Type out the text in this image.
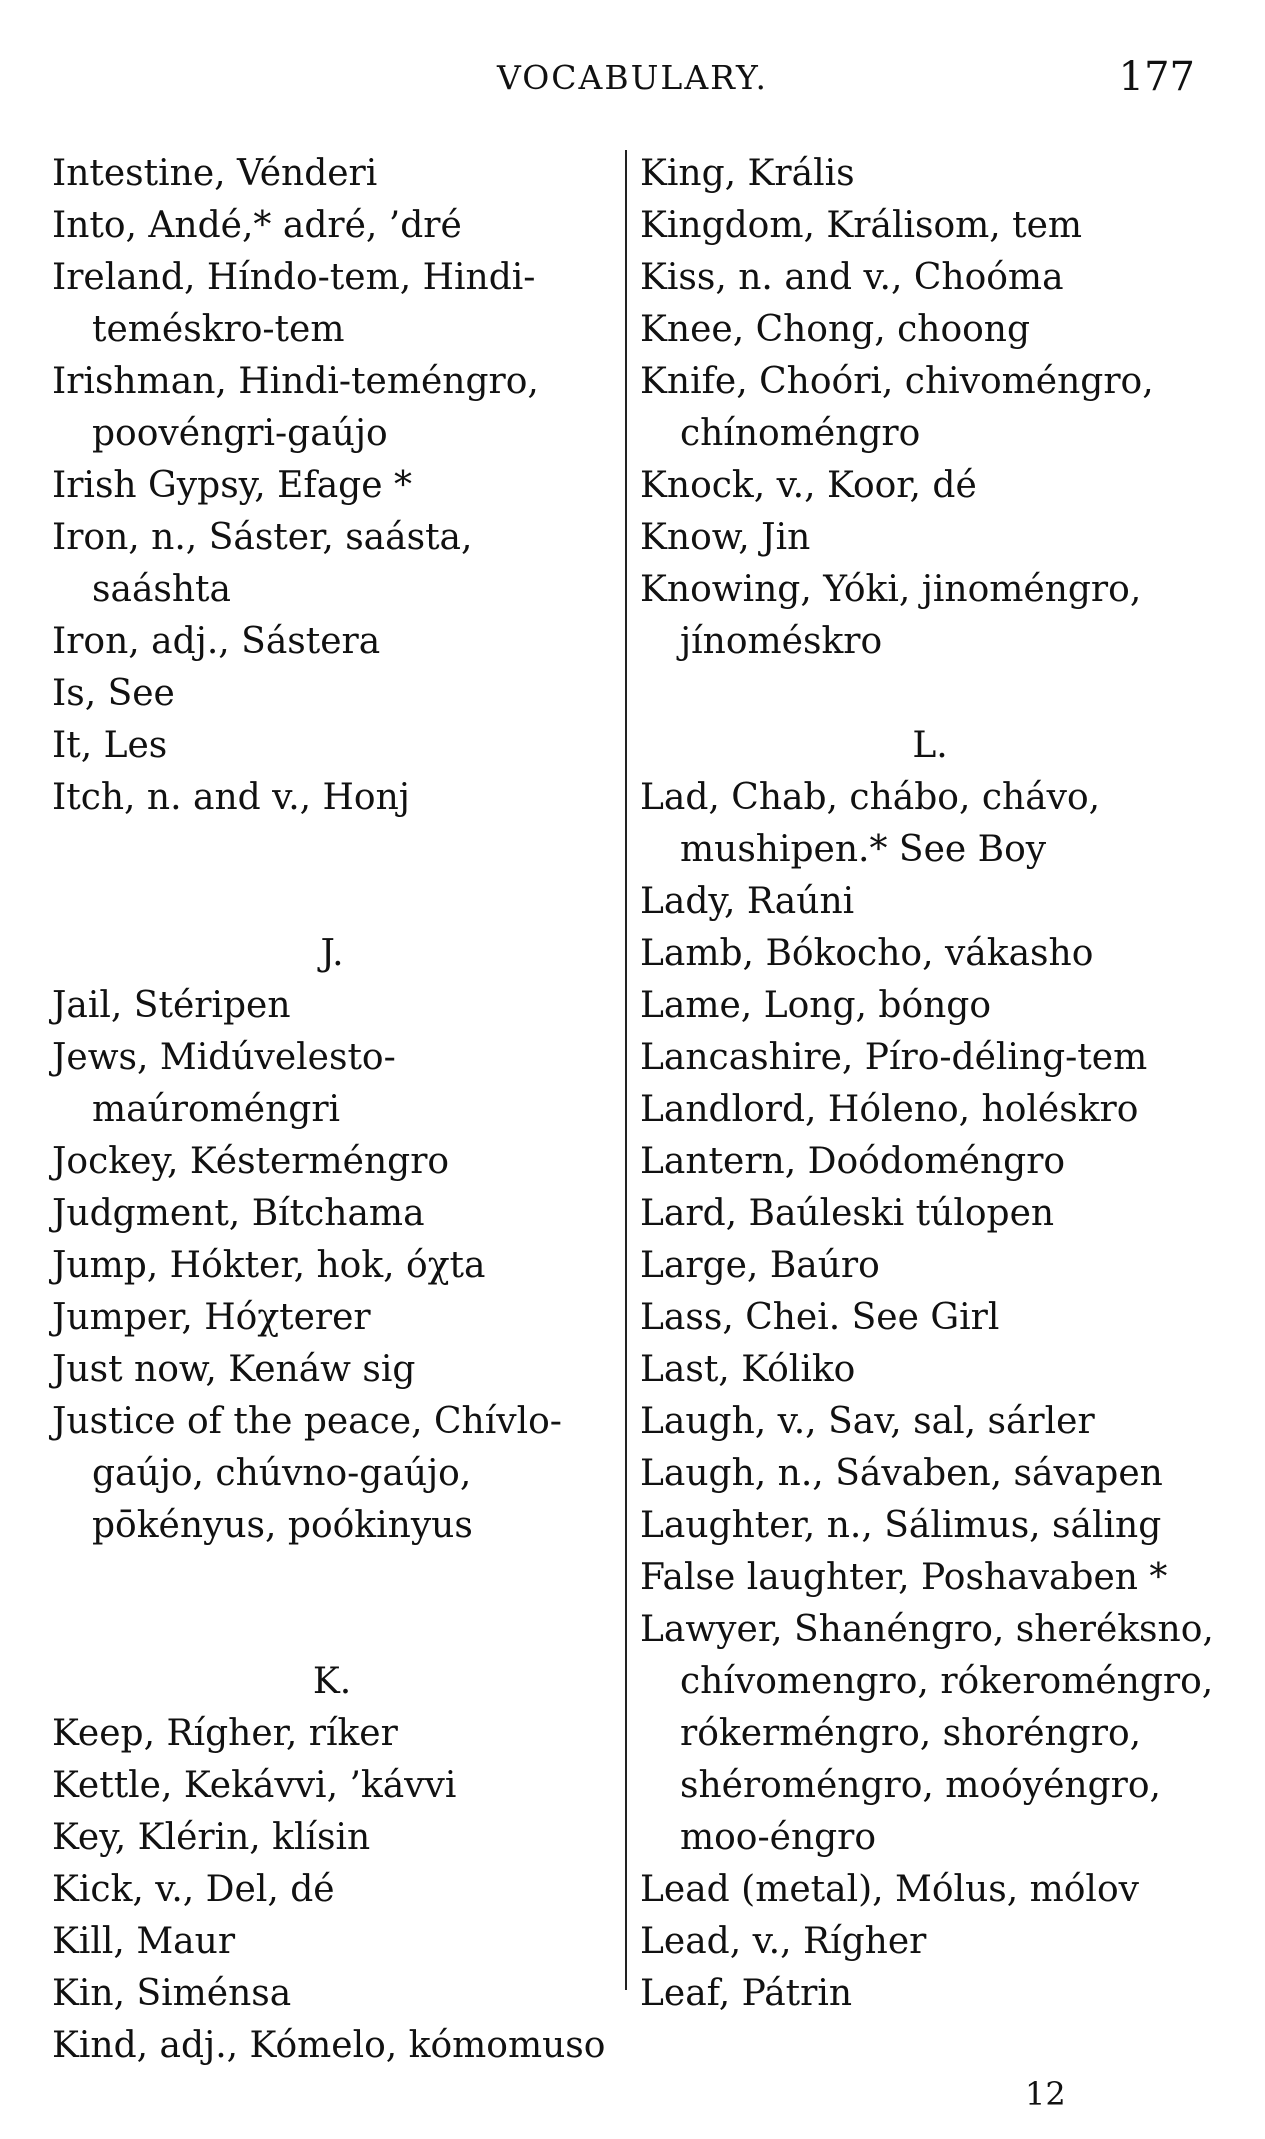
VOCABULARY.	177

Intestine, Vénderi

Into, Andé,* adré, ’dré

Ireland, Híndo-tem, Hindi-teméskro-tem

Irishman, Hindi-teméngro, poovéngri-gaújo

Irish Gypsy, Efage *

Iron, n., Sáster, saásta, saáshta

Iron, adj., Sástera

Is, See

It, Les

Itch, n. and v., Honj

J.

Jail, Stéripen

Jews, Midúvelesto-maúroméngri

Jockey, Késterméngro

Judgment, Bítchama

Jump, Hókter, hok, óχta

Jumper, Hóχterer

Just now, Kenáw sig

Justice of the peace, Chívlo-gaújo, chúvno-gaújo, pōkényus, poókinyus

K.

Keep, Rígher, ríker

Kettle, Kekávvi, ’kávvi

Key, Klérin, klísin

Kick, v., Del, dé

Kill, Maur

Kin, Siménsa

Kind, adj., Kómelo, kómomuso

King, Krális

Kingdom, Králisom, tem

Kiss, n. and v., Choóma

Knee, Chong, choong

Knife, Choóri, chivoméngro, chínoméngro

Knock, v., Koor, dé

Know, Jin

Knowing, Yóki, jinoméngro, jínoméskro

L.

Lad, Chab, chábo, chávo, mushipen.* See Boy

Lady, Raúni

Lamb, Bókocho, vákasho

Lame, Long, bóngo

Lancashire, Píro-déling-tem

Landlord, Hóleno, holéskro

Lantern, Doódoméngro

Lard, Baúleski túlopen

Large, Baúro

Lass, Chei. See Girl

Last, Kóliko

Laugh, v., Sav, sal, sárler

Laugh, n., Sávaben, sávapen

Laughter, n., Sálimus, sáling

False laughter, Poshavaben *

Lawyer, Shanéngro, sheréksno, chívomengro, rókeroméngro, rókerméngro, shoréngro, shéroméngro, moóyéngro, moo-éngro

Lead (metal), Mólus, mólov

Lead, v., Rígher

Leaf, Pátrin

12
